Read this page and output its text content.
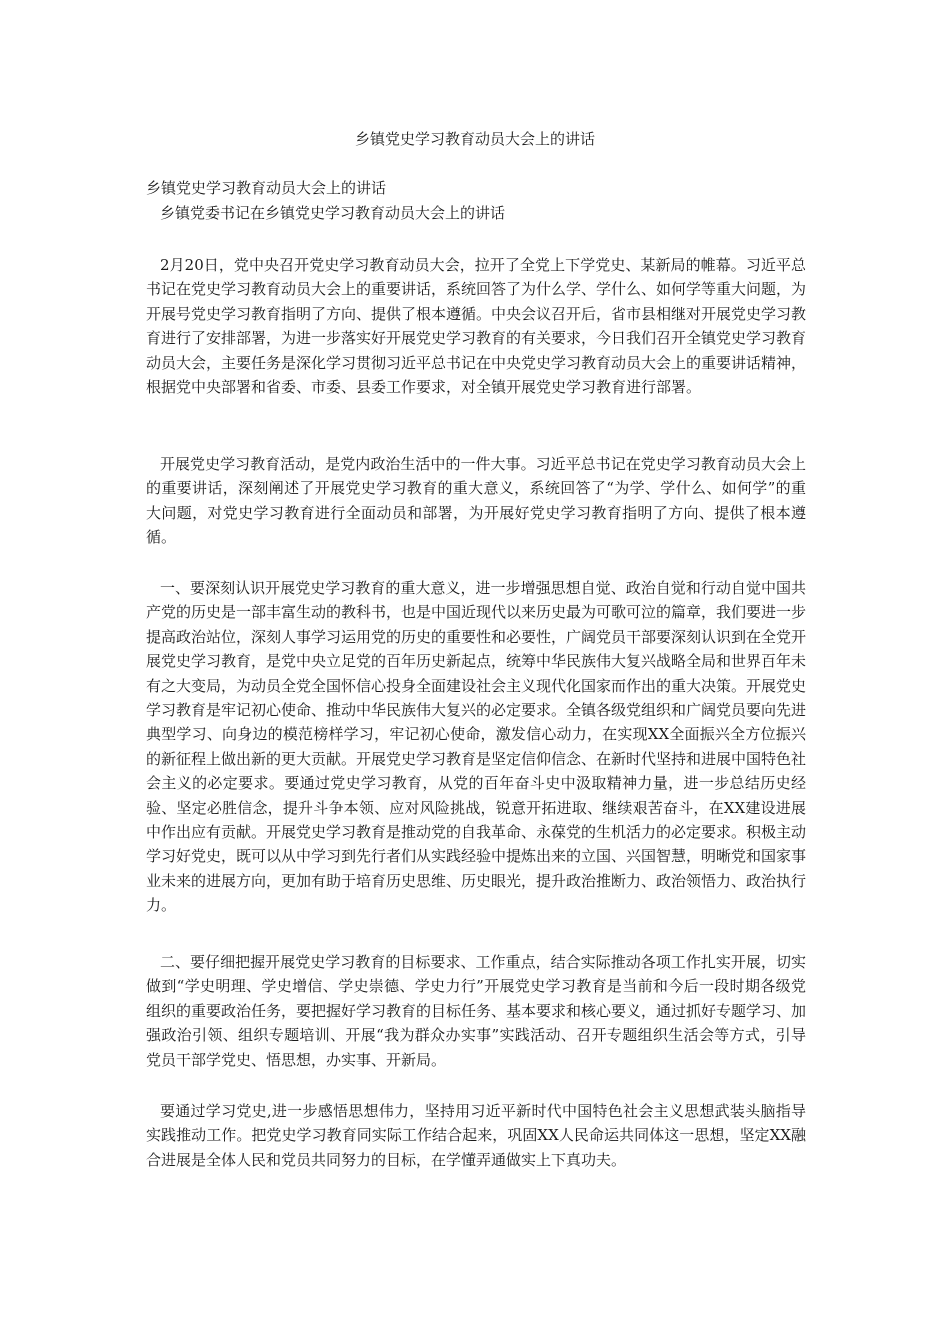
乡镇党史学习教育动员大会上的讲话
乡镇党史学习教育动员大会上的讲话
乡镇党委书记在乡镇党史学习教育动员大会上的讲话

2月20日，党中央召开党史学习教育动员大会，拉开了全党上下学党史、某新局的帷幕。习近平总书记在党史学习教育动员大会上的重要讲话，系统回答了为什么学、学什么、如何学等重大问题，为开展号党史学习教育指明了方向、提供了根本遵循。中央会议召开后，省市县相继对开展党史学习教育进行了安排部署，为进一步落实好开展党史学习教育的有关要求，今日我们召开全镇党史学习教育动员大会，主要任务是深化学习贯彻习近平总书记在中央党史学习教育动员大会上的重要讲话精神，根据党中央部署和省委、市委、县委工作要求，对全镇开展党史学习教育进行部署。

开展党史学习教育活动，是党内政治生活中的一件大事。习近平总书记在党史学习教育动员大会上的重要讲话，深刻阐述了开展党史学习教育的重大意义，系统回答了“为学、学什么、如何学”的重大问题，对党史学习教育进行全面动员和部署，为开展好党史学习教育指明了方向、提供了根本遵循。

一、要深刻认识开展党史学习教育的重大意义，进一步增强思想自觉、政治自觉和行动自觉中国共产党的历史是一部丰富生动的教科书，也是中国近现代以来历史最为可歌可泣的篇章，我们要进一步提高政治站位，深刻人事学习运用党的历史的重要性和必要性，广阔党员干部要深刻认识到在全党开展党史学习教育，是党中央立足党的百年历史新起点，统筹中华民族伟大复兴战略全局和世界百年未有之大变局，为动员全党全国怀信心投身全面建设社会主义现代化国家而作出的重大决策。开展党史学习教育是牢记初心使命、推动中华民族伟大复兴的必定要求。全镇各级党组织和广阔党员要向先进典型学习、向身边的模范榜样学习，牢记初心使命，激发信心动力，在实现XX全面振兴全方位振兴的新征程上做出新的更大贡献。开展党史学习教育是坚定信仰信念、在新时代坚持和进展中国特色社会主义的必定要求。要通过党史学习教育，从党的百年奋斗史中汲取精神力量，进一步总结历史经验、坚定必胜信念，提升斗争本领、应对风险挑战，锐意开拓进取、继续艰苦奋斗，在XX建设进展中作出应有贡献。开展党史学习教育是推动党的自我革命、永葆党的生机活力的必定要求。积极主动学习好党史，既可以从中学习到先行者们从实践经验中提炼出来的立国、兴国智慧，明晰党和国家事业未来的进展方向，更加有助于培育历史思维、历史眼光，提升政治推断力、政治领悟力、政治执行力。

二、要仔细把握开展党史学习教育的目标要求、工作重点，结合实际推动各项工作扎实开展，切实做到“学史明理、学史增信、学史崇德、学史力行”开展党史学习教育是当前和今后一段时期各级党组织的重要政治任务，要把握好学习教育的目标任务、基本要求和核心要义，通过抓好专题学习、加强政治引领、组织专题培训、开展“我为群众办实事”实践活动、召开专题组织生活会等方式，引导党员干部学党史、悟思想，办实事、开新局。

要通过学习党史,进一步感悟思想伟力，坚持用习近平新时代中国特色社会主义思想武装头脑指导实践推动工作。把党史学习教育同实际工作结合起来，巩固XX人民命运共同体这一思想，坚定XX融合进展是全体人民和党员共同努力的目标，在学懂弄通做实上下真功夫。
